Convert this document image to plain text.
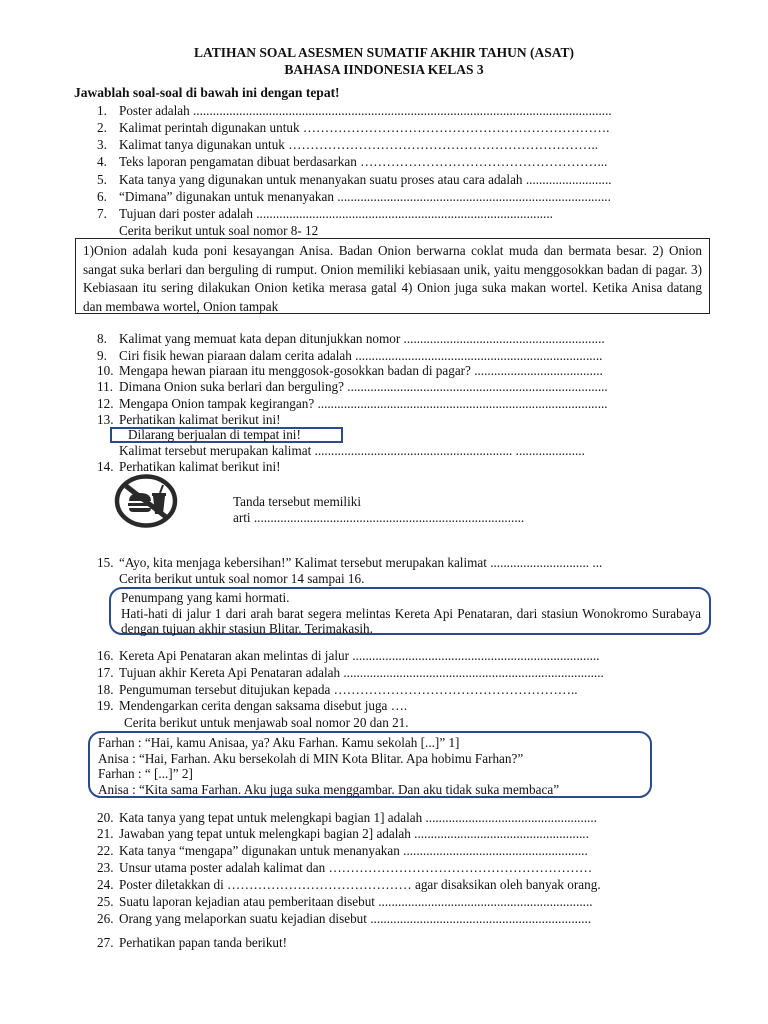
LATIHAN SOAL ASESMEN SUMATIF AKHIR TAHUN (ASAT)
BAHASA IINDONESIA KELAS 3
Jawablah soal-soal di bawah ini dengan tepat!
1. Poster adalah ...............................................................................................................................
2. Kalimat perintah digunakan untuk …………………………………………………………….
3. Kalimat tanya digunakan untuk ……………………………………………………………..
4. Teks laporan pengamatan dibuat berdasarkan ………………………………………………...
5. Kata tanya yang digunakan untuk menanyakan suatu proses atau cara adalah ..........................
6. “Dimana” digunakan untuk menanyakan ...................................................................................
7. Tujuan dari poster adalah ..........................................................................................
Cerita berikut untuk soal nomor 8- 12
1)Onion adalah kuda poni kesayangan Anisa. Badan Onion berwarna coklat muda dan bermata besar. 2) Onion sangat suka berlari dan berguling di rumput. Onion memiliki kebiasaan unik, yaitu menggosokkan badan di pagar. 3) Kebiasaan itu sering dilakukan Onion ketika merasa gatal 4) Onion juga suka makan wortel. Ketika Anisa datang dan membawa wortel, Onion tampak
8. Kalimat yang memuat kata depan ditunjukkan nomor .............................................................
9. Ciri fisik hewan piaraan dalam cerita adalah ...........................................................................
10. Mengapa hewan piaraan itu menggosok-gosokkan badan di pagar? .......................................
11. Dimana Onion suka berlari dan berguling? ...............................................................................
12. Mengapa Onion tampak kegirangan? ........................................................................................
13. Perhatikan kalimat berikut ini!
Dilarang berjualan di tempat ini!
Kalimat tersebut merupakan kalimat ............................................................ .....................
14. Perhatikan kalimat berikut ini!
Tanda tersebut memiliki
arti ..................................................................................
15. “Ayo, kita menjaga kebersihan!” Kalimat tersebut merupakan kalimat .............................. ...
Cerita berikut untuk soal nomor 14 sampai 16.
Penumpang yang kami hormati.
Hati-hati di jalur 1 dari arah barat segera melintas Kereta Api Penataran, dari stasiun Wonokromo Surabaya dengan tujuan akhir stasiun Blitar. Terimakasih.
16. Kereta Api Penataran akan melintas di jalur ...........................................................................
17. Tujuan akhir Kereta Api Penataran adalah ...............................................................................
18. Pengumuman tersebut ditujukan kepada ………………………………………………..
19. Mendengarkan cerita dengan saksama disebut juga ….
Cerita berikut untuk menjawab soal nomor 20 dan 21.
Farhan : “Hai, kamu Anisaa, ya? Aku Farhan. Kamu sekolah [...]” 1]
Anisa : “Hai, Farhan. Aku bersekolah di MIN Kota Blitar. Apa hobimu Farhan?”
Farhan : “ [...]” 2]
Anisa : “Kita sama Farhan. Aku juga suka menggambar. Dan aku tidak suka membaca”
20. Kata tanya yang tepat untuk melengkapi bagian 1] adalah ....................................................
21. Jawaban yang tepat untuk melengkapi bagian 2] adalah .....................................................
22. Kata tanya “mengapa” digunakan untuk menanyakan ........................................................
23. Unsur utama poster adalah kalimat dan ……………………………………………………
24. Poster diletakkan di …………………………………… agar disaksikan oleh banyak orang.
25. Suatu laporan kejadian atau pemberitaan disebut .................................................................
26. Orang yang melaporkan suatu kejadian disebut ...................................................................
27. Perhatikan papan tanda berikut!
